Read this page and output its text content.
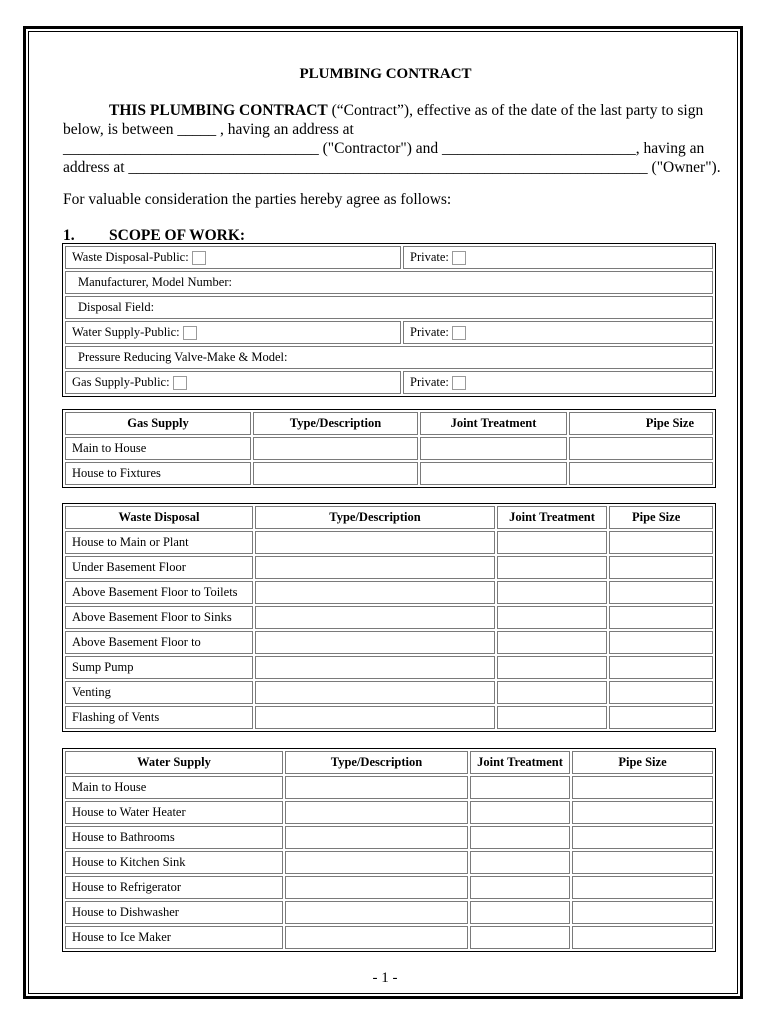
PLUMBING CONTRACT
THIS PLUMBING CONTRACT (“Contract”), effective as of the date of the last party to sign
below, is between _____ , having an address at
_________________________________ ("Contractor") and _________________________, having an
address at ___________________________________________________________________ ("Owner").
For valuable consideration the parties hereby agree as follows:
1. SCOPE OF WORK:
Waste Disposal-Public:	Private:
Manufacturer, Model Number:	
Disposal Field:	
Water Supply-Public:	Private:
Pressure Reducing Valve-Make & Model:	
Gas Supply-Public:	Private:
Gas Supply	Type/Description	Joint Treatment	Pipe Size
Main to House			
House to Fixtures			
Waste Disposal	Type/Description	Joint Treatment	Pipe Size
House to Main or Plant			
Under Basement Floor			
Above Basement Floor to Toilets			
Above Basement Floor to Sinks			
Above Basement Floor to			
Sump Pump			
Venting			
Flashing of Vents			
Water Supply	Type/Description	Joint Treatment	Pipe Size
Main to House			
House to Water Heater			
House to Bathrooms			
House to Kitchen Sink			
House to Refrigerator			
House to Dishwasher			
House to Ice Maker			
- 1 -
